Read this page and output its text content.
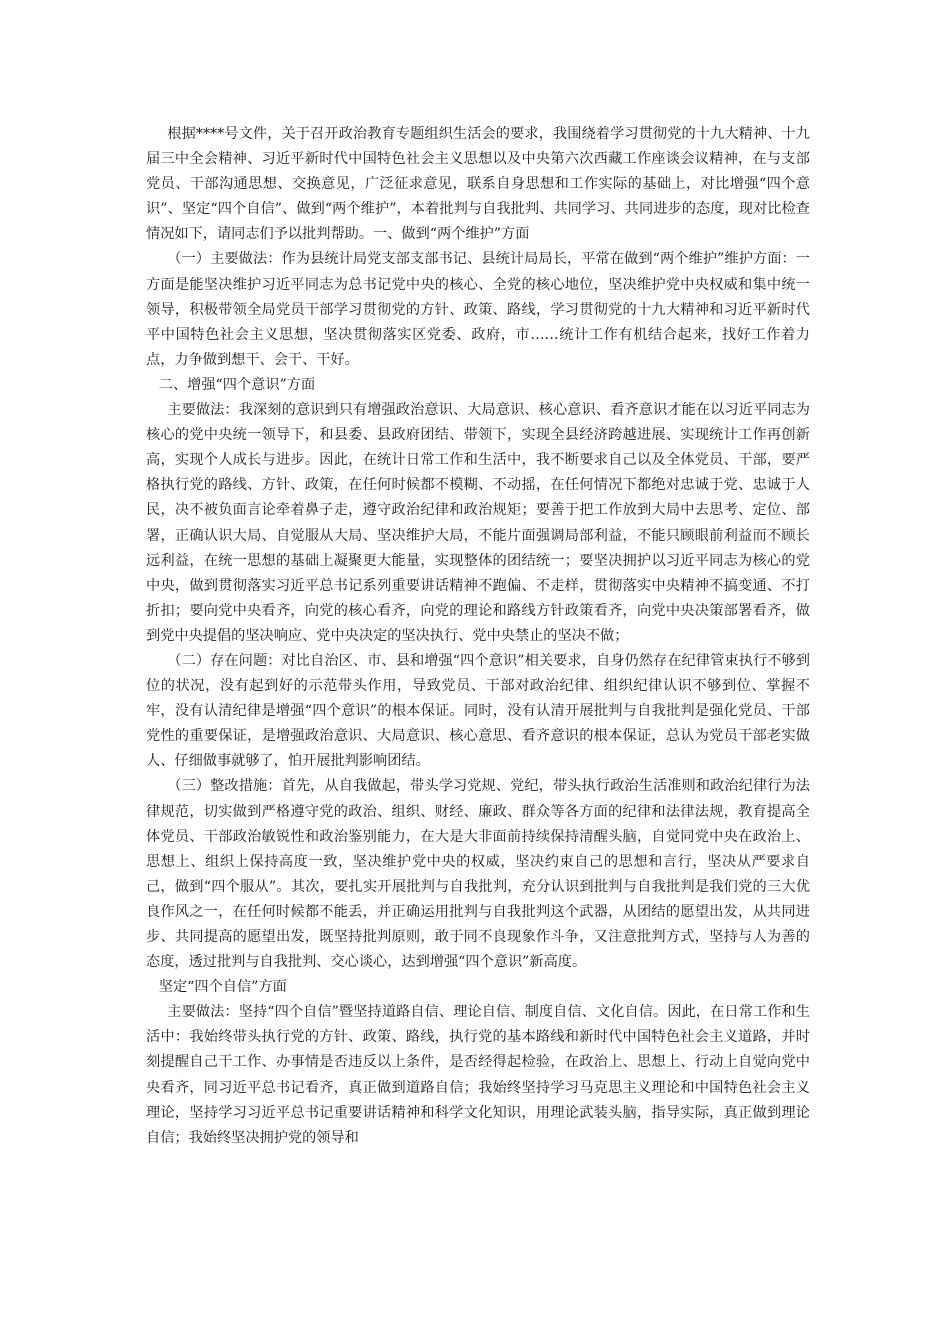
根据****号文件，关于召开政治教育专题组织生活会的要求，我围绕着学习贯彻党的十九大精神、十九届三中全会精神、习近平新时代中国特色社会主义思想以及中央第六次西藏工作座谈会议精神，在与支部党员、干部沟通思想、交换意见，广泛征求意见，联系自身思想和工作实际的基础上，对比增强“四个意识”、坚定“四个自信”、做到“两个维护”，本着批判与自我批判、共同学习、共同进步的态度，现对比检查情况如下，请同志们予以批判帮助。一、做到“两个维护”方面

（一）主要做法：作为县统计局党支部支部书记、县统计局局长，平常在做到“两个维护”维护方面：一方面是能坚决维护习近平同志为总书记党中央的核心、全党的核心地位，坚决维护党中央权威和集中统一领导，积极带领全局党员干部学习贯彻党的方针、政策、路线，学习贯彻党的十九大精神和习近平新时代平中国特色社会主义思想，坚决贯彻落实区党委、政府，市……统计工作有机结合起来，找好工作着力点，力争做到想干、会干、干好。

二、增强“四个意识”方面

主要做法：我深刻的意识到只有增强政治意识、大局意识、核心意识、看齐意识才能在以习近平同志为核心的党中央统一领导下，和县委、县政府团结、带领下，实现全县经济跨越进展、实现统计工作再创新高，实现个人成长与进步。因此，在统计日常工作和生活中，我不断要求自己以及全体党员、干部，要严格执行党的路线、方针、政策，在任何时候都不模糊、不动摇，在任何情况下都绝对忠诚于党、忠诚于人民，决不被负面言论牵着鼻子走，遵守政治纪律和政治规矩；要善于把工作放到大局中去思考、定位、部署，正确认识大局、自觉服从大局、坚决维护大局，不能片面强调局部利益，不能只顾眼前利益而不顾长远利益，在统一思想的基础上凝聚更大能量，实现整体的团结统一；要坚决拥护以习近平同志为核心的党中央，做到贯彻落实习近平总书记系列重要讲话精神不跑偏、不走样，贯彻落实中央精神不搞变通、不打折扣；要向党中央看齐，向党的核心看齐，向党的理论和路线方针政策看齐，向党中央决策部署看齐，做到党中央提倡的坚决响应、党中央决定的坚决执行、党中央禁止的坚决不做；

（二）存在问题：对比自治区、市、县和增强“四个意识”相关要求，自身仍然存在纪律管束执行不够到位的状况，没有起到好的示范带头作用，导致党员、干部对政治纪律、组织纪律认识不够到位、掌握不牢，没有认清纪律是增强“四个意识”的根本保证。同时，没有认清开展批判与自我批判是强化党员、干部党性的重要保证，是增强政治意识、大局意识、核心意思、看齐意识的根本保证，总认为党员干部老实做人、仔细做事就够了，怕开展批判影响团结。

（三）整改措施：首先，从自我做起，带头学习党规、党纪，带头执行政治生活准则和政治纪律行为法律规范，切实做到严格遵守党的政治、组织、财经、廉政、群众等各方面的纪律和法律法规，教育提高全体党员、干部政治敏锐性和政治鉴别能力，在大是大非面前持续保持清醒头脑，自觉同党中央在政治上、思想上、组织上保持高度一致，坚决维护党中央的权威，坚决约束自己的思想和言行，坚决从严要求自己，做到“四个服从”。其次，要扎实开展批判与自我批判，充分认识到批判与自我批判是我们党的三大优良作风之一，在任何时候都不能丢，并正确运用批判与自我批判这个武器，从团结的愿望出发，从共同进步、共同提高的愿望出发，既坚持批判原则，敢于同不良现象作斗争，又注意批判方式，坚持与人为善的态度，透过批判与自我批判、交心谈心，达到增强“四个意识”新高度。

坚定“四个自信”方面

主要做法：坚持“四个自信”暨坚持道路自信、理论自信、制度自信、文化自信。因此，在日常工作和生活中：我始终带头执行党的方针、政策、路线，执行党的基本路线和新时代中国特色社会主义道路，并时刻提醒自己干工作、办事情是否违反以上条件，是否经得起检验，在政治上、思想上、行动上自觉向党中央看齐，同习近平总书记看齐，真正做到道路自信；我始终坚持学习马克思主义理论和中国特色社会主义理论，坚持学习习近平总书记重要讲话精神和科学文化知识，用理论武装头脑，指导实际，真正做到理论自信；我始终坚决拥护党的领导和
